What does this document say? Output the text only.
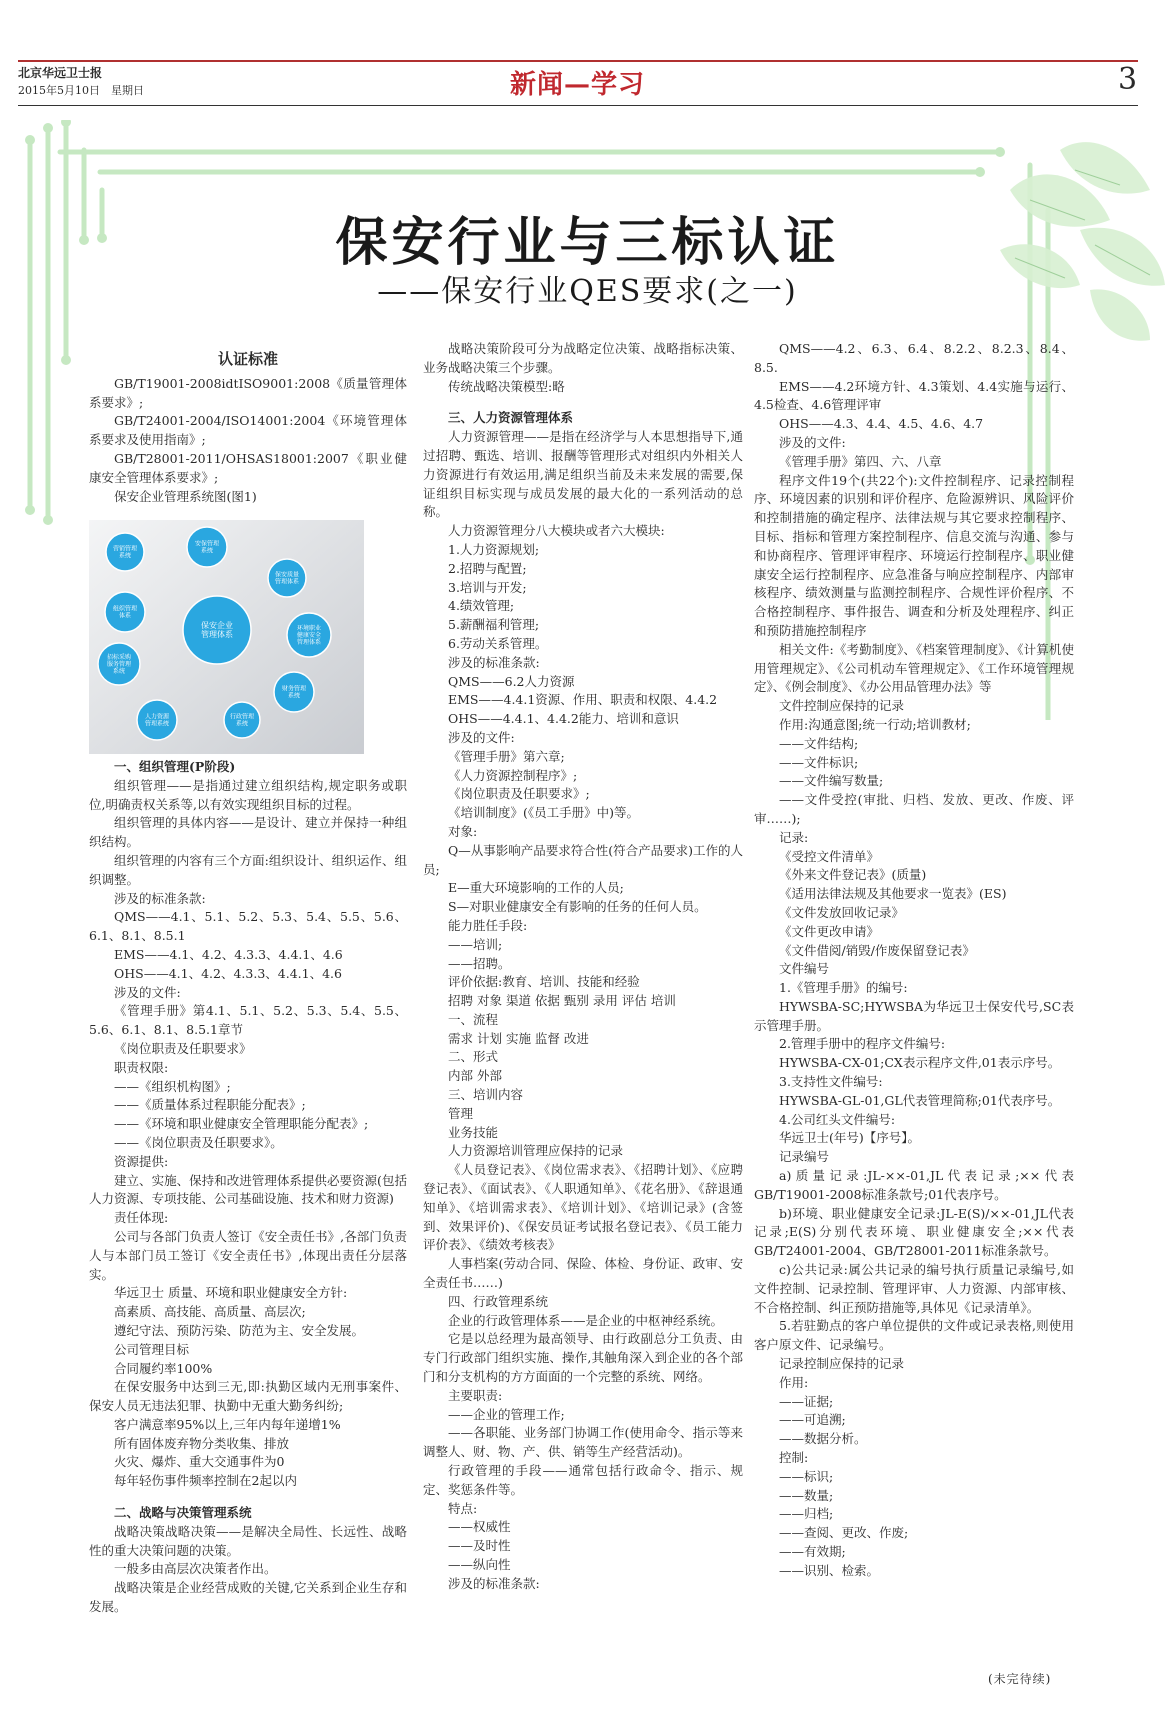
北京华远卫士报
2015年5月10日　星期日	新闻—学习	3
保安行业与三标认证
——保安行业QES要求(之一)
认证标准

GB/T19001-2008idtISO9001:2008《质量管理体系要求》;

GB/T24001-2004/ISO14001:2004《环境管理体系要求及使用指南》;

GB/T28001-2011/OHSAS18001:2007《职业健康安全管理体系要求》;

保安企业管理系统图(图1)

保安企业管理体系
安保管理系统
保安质量管理体系
环境职业健康安全管理体系
财务管理系统
行政管理系统
人力资源管理系统
招标采购服务管理系统
组织管理体系
营销管理系统

一、组织管理(P阶段)

组织管理——是指通过建立组织结构,规定职务或职位,明确责权关系等,以有效实现组织目标的过程。

组织管理的具体内容——是设计、建立并保持一种组织结构。

组织管理的内容有三个方面:组织设计、组织运作、组织调整。

涉及的标准条款:

QMS——4.1、5.1、5.2、5.3、5.4、5.5、5.6、6.1、8.1、8.5.1

EMS——4.1、4.2、4.3.3、4.4.1、4.6

OHS——4.1、4.2、4.3.3、4.4.1、4.6

涉及的文件:

《管理手册》第4.1、5.1、5.2、5.3、5.4、5.5、5.6、6.1、8.1、8.5.1章节

《岗位职责及任职要求》

职责权限:

——《组织机构图》;

——《质量体系过程职能分配表》;

——《环境和职业健康安全管理职能分配表》;

——《岗位职责及任职要求》。

资源提供:

建立、实施、保持和改进管理体系提供必要资源(包括人力资源、专项技能、公司基础设施、技术和财力资源)

责任体现:

公司与各部门负责人签订《安全责任书》,各部门负责人与本部门员工签订《安全责任书》,体现出责任分层落实。

华远卫士 质量、环境和职业健康安全方针:

高素质、高技能、高质量、高层次;

遵纪守法、预防污染、防范为主、安全发展。

公司管理目标

合同履约率100%

在保安服务中达到三无,即:执勤区域内无刑事案件、保安人员无违法犯罪、执勤中无重大勤务纠纷;

客户满意率95%以上,三年内每年递增1%

所有固体废弃物分类收集、排放

火灾、爆炸、重大交通事件为0

每年轻伤事件频率控制在2起以内

二、战略与决策管理系统

战略决策战略决策——是解决全局性、长远性、战略性的重大决策问题的决策。

一般多由高层次决策者作出。

战略决策是企业经营成败的关键,它关系到企业生存和发展。

战略决策阶段可分为战略定位决策、战略指标决策、业务战略决策三个步骤。

传统战略决策模型:略

三、人力资源管理体系

人力资源管理——是指在经济学与人本思想指导下,通过招聘、甄选、培训、报酬等管理形式对组织内外相关人力资源进行有效运用,满足组织当前及未来发展的需要,保证组织目标实现与成员发展的最大化的一系列活动的总称。

人力资源管理分八大模块或者六大模块:

1.人力资源规划;

2.招聘与配置;

3.培训与开发;

4.绩效管理;

5.薪酬福利管理;

6.劳动关系管理。

涉及的标准条款:

QMS——6.2人力资源

EMS——4.4.1资源、作用、职责和权限、4.4.2

OHS——4.4.1、4.4.2能力、培训和意识

涉及的文件:

《管理手册》第六章;

《人力资源控制程序》;

《岗位职责及任职要求》;

《培训制度》(《员工手册》中)等。

对象:

Q—从事影响产品要求符合性(符合产品要求)工作的人员;

E—重大环境影响的工作的人员;

S—对职业健康安全有影响的任务的任何人员。

能力胜任手段:

——培训;

——招聘。

评价依据:教育、培训、技能和经验

招聘 对象 渠道 依据 甄别 录用 评估 培训

一、流程

需求 计划 实施 监督 改进

二、形式

内部 外部

三、培训内容

管理

业务技能

人力资源培训管理应保持的记录

《人员登记表》、《岗位需求表》、《招聘计划》、《应聘登记表》、《面试表》、《人职通知单》、《花名册》、《辞退通知单》、《培训需求表》、《培训计划》、《培训记录》(含签到、效果评价)、《保安员证考试报名登记表》、《员工能力评价表》、《绩效考核表》

人事档案(劳动合同、保险、体检、身份证、政审、安全责任书……)

四、行政管理系统

企业的行政管理体系——是企业的中枢神经系统。

它是以总经理为最高领导、由行政副总分工负责、由专门行政部门组织实施、操作,其触角深入到企业的各个部门和分支机构的方方面面的一个完整的系统、网络。

主要职责:

——企业的管理工作;

——各职能、业务部门协调工作(使用命令、指示等来调整人、财、物、产、供、销等生产经营活动)。

行政管理的手段——通常包括行政命令、指示、规定、奖惩条件等。

特点:

——权威性

——及时性

——纵向性

涉及的标准条款:

QMS——4.2、6.3、6.4、8.2.2、8.2.3、8.4、8.5.

EMS——4.2环境方针、4.3策划、4.4实施与运行、4.5检查、4.6管理评审

OHS——4.3、4.4、4.5、4.6、4.7

涉及的文件:

《管理手册》第四、六、八章

程序文件19个(共22个):文件控制程序、记录控制程序、环境因素的识别和评价程序、危险源辨识、风险评价和控制措施的确定程序、法律法规与其它要求控制程序、目标、指标和管理方案控制程序、信息交流与沟通、参与和协商程序、管理评审程序、环境运行控制程序、职业健康安全运行控制程序、应急准备与响应控制程序、内部审核程序、绩效测量与监测控制程序、合规性评价程序、不合格控制程序、事件报告、调查和分析及处理程序、纠正和预防措施控制程序

相关文件:《考勤制度》、《档案管理制度》、《计算机使用管理规定》、《公司机动车管理规定》、《工作环境管理规定》、《例会制度》、《办公用品管理办法》等

文件控制应保持的记录

作用:沟通意图;统一行动;培训教材;

——文件结构;

——文件标识;

——文件编写数量;

——文件受控(审批、归档、发放、更改、作废、评审……);

记录:

《受控文件清单》

《外来文件登记表》(质量)

《适用法律法规及其他要求一览表》(ES)

《文件发放回收记录》

《文件更改申请》

《文件借阅/销毁/作废保留登记表》

文件编号

1.《管理手册》的编号:

HYWSBA-SC;HYWSBA为华远卫士保安代号,SC表示管理手册。

2.管理手册中的程序文件编号:

HYWSBA-CX-01;CX表示程序文件,01表示序号。

3.支持性文件编号:

HYWSBA-GL-01,GL代表管理简称;01代表序号。

4.公司红头文件编号:

华远卫士(年号)【序号】。

记录编号

a)质量记录:JL-××-01,JL代表记录;××代表GB/T19001-2008标准条款号;01代表序号。

b)环境、职业健康安全记录:JL-E(S)/××-01,JL代表记录;E(S)分别代表环境、职业健康安全;××代表GB/T24001-2004、GB/T28001-2011标准条款号。

c)公共记录:属公共记录的编号执行质量记录编号,如文件控制、记录控制、管理评审、人力资源、内部审核、不合格控制、纠正预防措施等,具体见《记录清单》。

5.若驻勤点的客户单位提供的文件或记录表格,则使用客户原文件、记录编号。

记录控制应保持的记录

作用:

——证据;

——可追溯;

——数据分析。

控制:

——标识;

——数量;

——归档;

——查阅、更改、作废;

——有效期;

——识别、检索。

(未完待续)
